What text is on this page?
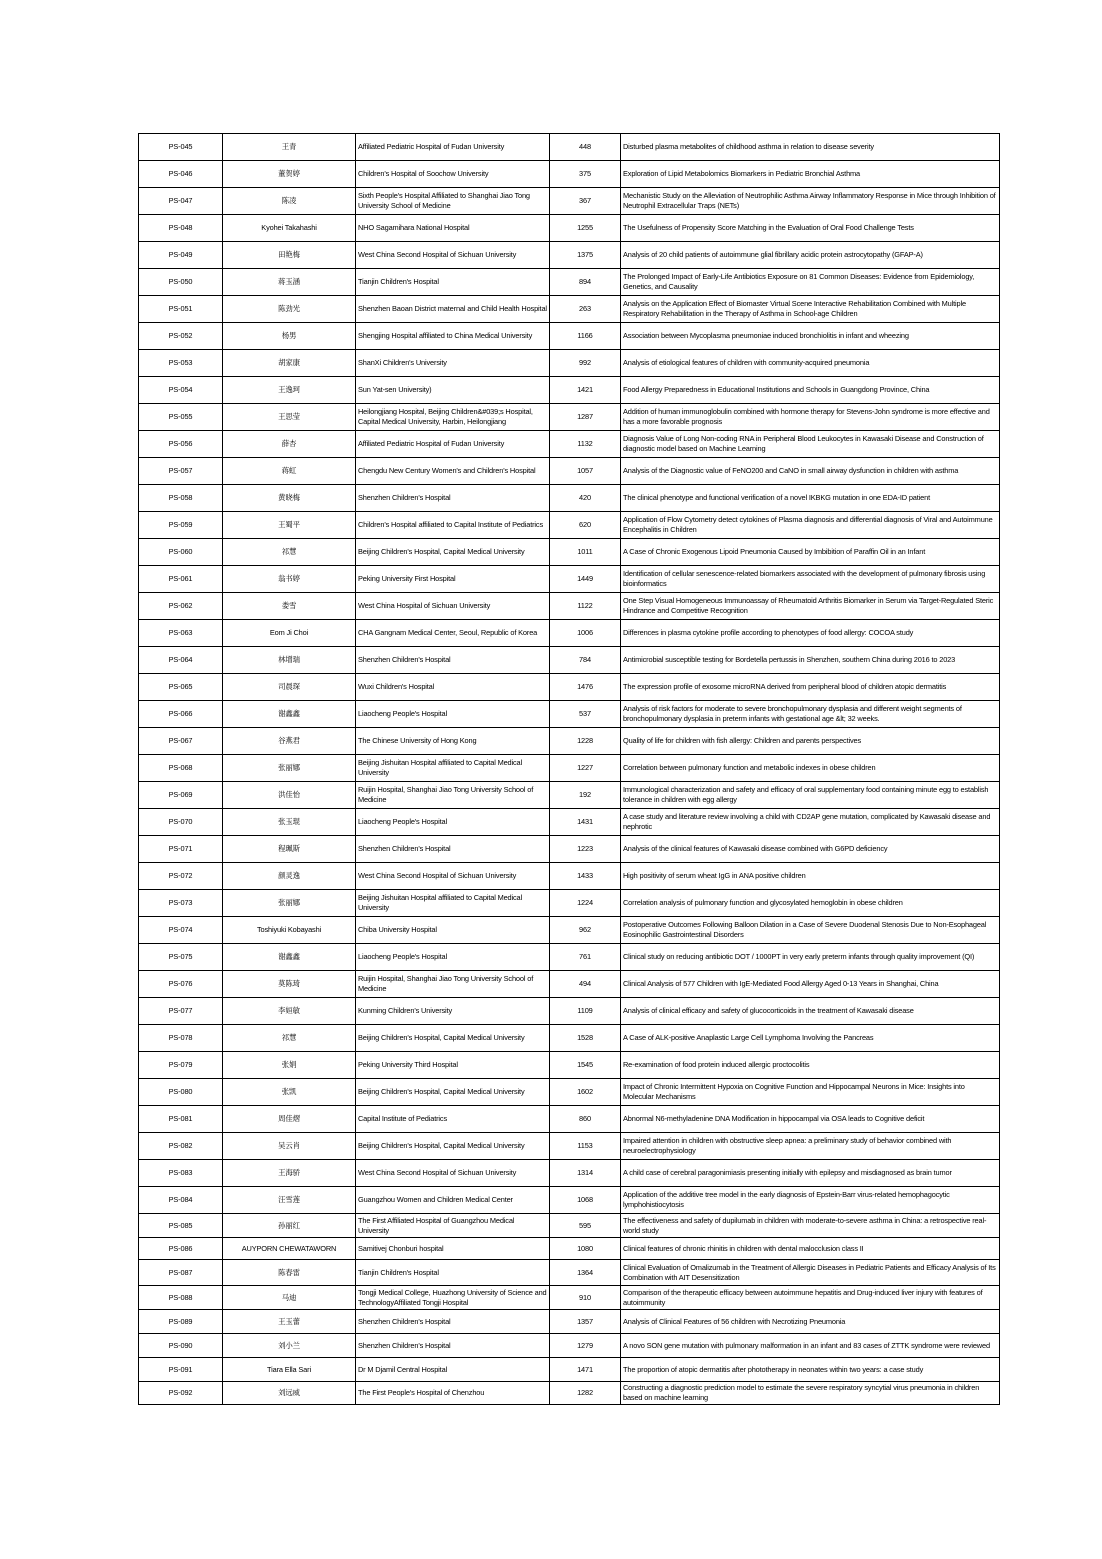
PS-045	王青	Affiliated Pediatric Hospital of Fudan University	448	Disturbed plasma metabolites of childhood asthma in relation to disease severity
PS-046	董贺婷	Children's Hospital of Soochow University	375	Exploration of Lipid Metabolomics Biomarkers in Pediatric Bronchial Asthma
PS-047	陈凌	Sixth People's Hospital Affiliated to Shanghai Jiao Tong University School of Medicine	367	Mechanistic Study on the Alleviation of Neutrophilic Asthma Airway Inflammatory Response in Mice through Inhibition of Neutrophil Extracellular Traps (NETs)
PS-048	Kyohei Takahashi	NHO Sagamihara National Hospital	1255	The Usefulness of Propensity Score Matching in the Evaluation of Oral Food Challenge Tests
PS-049	田艳梅	West China Second Hospital of Sichuan University	1375	Analysis of 20 child patients of autoimmune glial fibrillary acidic protein astrocytopathy (GFAP-A)
PS-050	蒋玉涵	Tianjin Children's Hospital	894	The Prolonged Impact of Early-Life Antibiotics Exposure on 81 Common Diseases: Evidence from Epidemiology, Genetics, and Causality
PS-051	陈劲光	Shenzhen Baoan District maternal and Child Health Hospital	263	Analysis on the Application Effect of Biomaster Virtual Scene Interactive Rehabilitation Combined with Multiple Respiratory Rehabilitation in the Therapy of Asthma in School-age Children
PS-052	杨男	Shengjing Hospital affiliated to China Medical University	1166	Association between Mycoplasma pneumoniae induced bronchiolitis in infant and wheezing
PS-053	胡家康	ShanXi Children's University	992	Analysis of etiological features of children with community-acquired pneumonia
PS-054	王逸珂	Sun Yat-sen University)	1421	Food Allergy Preparedness in Educational Institutions and Schools in Guangdong Province, China
PS-055	王思莹	Heilongjiang Hospital, Beijing Children&#039;s Hospital, Capital Medical University, Harbin, Heilongjiang	1287	Addition of human immunoglobulin combined with hormone therapy for Stevens-John syndrome is more effective and has a more favorable prognosis
PS-056	薛杏	Affiliated Pediatric Hospital of Fudan University	1132	Diagnosis Value of Long Non-coding RNA in Peripheral Blood Leukocytes in Kawasaki Disease and Construction of diagnostic model based on Machine Learning
PS-057	蒋虹	Chengdu New Century Women's and Children's Hospital	1057	Analysis of the Diagnostic value of FeNO200 and CaNO in small airway dysfunction in children with asthma
PS-058	黄晓梅	Shenzhen Children's Hospital	420	The clinical phenotype and functional verification of a novel IKBKG mutation in one EDA-ID patient
PS-059	王蜀平	Children's Hospital affiliated to Capital Institute of Pediatrics	620	Application of Flow Cytometry detect cytokines of Plasma diagnosis and differential diagnosis of Viral and Autoimmune Encephalitis in Children
PS-060	祁慧	Beijing Children's Hospital, Capital Medical University	1011	A Case of Chronic Exogenous Lipoid Pneumonia Caused by Imbibition of Paraffin Oil in an Infant
PS-061	翁书婷	Peking University First Hospital	1449	Identification of cellular senescence-related biomarkers associated with the development of pulmonary fibrosis using bioinformatics
PS-062	娄雪	West China Hospital of Sichuan University	1122	One Step Visual Homogeneous Immunoassay of Rheumatoid Arthritis Biomarker in Serum via Target-Regulated Steric Hindrance and Competitive Recognition
PS-063	Eom Ji Choi	CHA Gangnam Medical Center, Seoul, Republic of Korea	1006	Differences in plasma cytokine profile according to phenotypes of food allergy: COCOA study
PS-064	林增瑞	Shenzhen Children's Hospital	784	Antimicrobial susceptible testing for Bordetella pertussis in Shenzhen, southern China during 2016 to 2023
PS-065	司晨琛	Wuxi Children's Hospital	1476	The expression profile of exosome microRNA derived from peripheral blood of children atopic dermatitis
PS-066	谢鑫鑫	Liaocheng People's Hospital	537	Analysis of risk factors for moderate to severe bronchopulmonary dysplasia and different weight segments of bronchopulmonary dysplasia in preterm infants with gestational age &lt; 32 weeks.
PS-067	谷燕君	The Chinese University of Hong Kong	1228	Quality of life for children with fish allergy: Children and parents perspectives
PS-068	张丽娜	Beijing Jishuitan Hospital affiliated to Capital Medical University	1227	Correlation between pulmonary function and metabolic indexes in obese children
PS-069	洪佳怡	Ruijin Hospital, Shanghai Jiao Tong University School of Medicine	192	Immunological characterization and safety and efficacy of oral supplementary food containing minute egg to establish tolerance in children with egg allergy
PS-070	张玉琨	Liaocheng People's Hospital	1431	A case study and literature review involving a child with CD2AP gene mutation, complicated by Kawasaki disease and nephrotic
PS-071	程珮斯	Shenzhen Children's Hospital	1223	Analysis of the clinical features of Kawasaki disease combined with G6PD deficiency
PS-072	颜灵逸	West China Second Hospital of Sichuan University	1433	High positivity of serum wheat IgG in ANA positive children
PS-073	张丽娜	Beijing Jishuitan Hospital affiliated to Capital Medical University	1224	Correlation analysis of pulmonary function and glycosylated hemoglobin in obese children
PS-074	Toshiyuki Kobayashi	Chiba University Hospital	962	Postoperative Outcomes Following Balloon Dilation in a Case of Severe Duodenal Stenosis Due to Non-Esophageal Eosinophilic Gastrointestinal Disorders
PS-075	谢鑫鑫	Liaocheng People's Hospital	761	Clinical study on reducing antibiotic DOT / 1000PT in very early preterm infants through quality improvement (QI)
PS-076	莫陈琦	Ruijin Hospital, Shanghai Jiao Tong University School of Medicine	494	Clinical Analysis of 577 Children with IgE-Mediated Food Allergy Aged 0-13 Years in Shanghai, China
PS-077	李姮敏	Kunming Children's University	1109	Analysis of clinical efficacy and safety of glucocorticoids in the treatment of Kawasaki disease
PS-078	祁慧	Beijing Children's Hospital, Capital Medical University	1528	A Case of ALK-positive Anaplastic Large Cell Lymphoma Involving the Pancreas
PS-079	张娟	Peking University Third Hospital	1545	Re-examination of food protein induced allergic proctocolitis
PS-080	张凯	Beijing Children's Hospital, Capital Medical University	1602	Impact of Chronic Intermittent Hypoxia on Cognitive Function and Hippocampal Neurons in Mice: Insights into Molecular Mechanisms
PS-081	周佳熠	Capital Institute of Pediatrics	860	Abnormal N6-methyladenine DNA Modification in hippocampal via OSA leads to Cognitive deficit
PS-082	吴云肖	Beijing Children's Hospital, Capital Medical University	1153	Impaired attention in children with obstructive sleep apnea: a preliminary study of behavior combined with neuroelectrophysiology
PS-083	王海骄	West China Second Hospital of Sichuan University	1314	A child case of cerebral paragonimiasis presenting initially with epilepsy and misdiagnosed as brain tumor
PS-084	汪雪莲	Guangzhou Women and Children Medical Center	1068	Application of the additive tree model in the early diagnosis of Epstein-Barr virus-related hemophagocytic lymphohistiocytosis
PS-085	孙丽红	The First Affiliated Hospital of Guangzhou Medical University	595	The effectiveness and safety of dupilumab in children with moderate-to-severe asthma in China: a retrospective real-world study
PS-086	AUYPORN CHEWATAWORN	Samitivej Chonburi hospital	1080	Clinical features of chronic rhinitis in children with dental malocclusion class II
PS-087	陈春雷	Tianjin Children's Hospital	1364	Clinical Evaluation of Omalizumab in the Treatment of Allergic Diseases in Pediatric Patients and Efficacy Analysis of Its Combination with AIT Desensitization
PS-088	马迪	Tongji Medical College, Huazhong University of Science and TechnologyAffiliated Tongji Hospital	910	Comparison of the therapeutic efficacy between autoimmune hepatitis and Drug-induced liver injury with features of autoimmunity
PS-089	王玉蕾	Shenzhen Children's Hospital	1357	Analysis of Clinical Features of 56 children with Necrotizing Pneumonia
PS-090	刘小兰	Shenzhen Children's Hospital	1279	A novo SON gene mutation with pulmonary malformation in an infant and 83 cases of ZTTK syndrome were reviewed
PS-091	Tiara Ella Sari	Dr M Djamil Central Hospital	1471	The proportion of atopic dermatitis after phototherapy in neonates within two years: a case study
PS-092	刘远威	The First People's Hospital of Chenzhou	1282	Constructing a diagnostic prediction model to estimate the severe respiratory syncytial virus pneumonia in children based on machine learning
